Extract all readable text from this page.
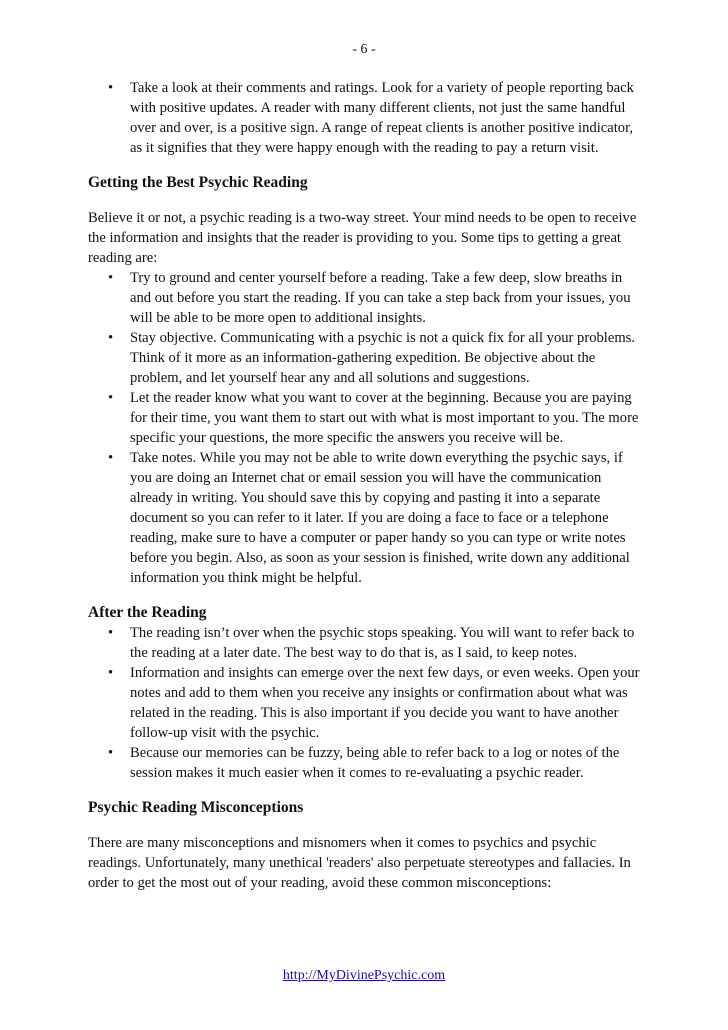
- 6 -
•	Take a look at their comments and ratings. Look for a variety of people reporting back with positive updates. A reader with many different clients, not just the same handful over and over, is a positive sign. A range of repeat clients is another positive indicator, as it signifies that they were happy enough with the reading to pay a return visit.
Getting the Best Psychic Reading

Believe it or not, a psychic reading is a two-way street. Your mind needs to be open to receive the information and insights that the reader is providing to you. Some tips to getting a great reading are:

•	Try to ground and center yourself before a reading. Take a few deep, slow breaths in and out before you start the reading. If you can take a step back from your issues, you will be able to be more open to additional insights.
•	Stay objective. Communicating with a psychic is not a quick fix for all your problems. Think of it more as an information-gathering expedition. Be objective about the problem, and let yourself hear any and all solutions and suggestions.
•	Let the reader know what you want to cover at the beginning. Because you are paying for their time, you want them to start out with what is most important to you. The more specific your questions, the more specific the answers you receive will be.
•	Take notes. While you may not be able to write down everything the psychic says, if you are doing an Internet chat or email session you will have the communication already in writing. You should save this by copying and pasting it into a separate document so you can refer to it later. If you are doing a face to face or a telephone reading, make sure to have a computer or paper handy so you can type or write notes before you begin. Also, as soon as your session is finished, write down any additional information you think might be helpful.
After the Reading
•	The reading isn’t over when the psychic stops speaking. You will want to refer back to the reading at a later date. The best way to do that is, as I said, to keep notes.
•	Information and insights can emerge over the next few days, or even weeks. Open your notes and add to them when you receive any insights or confirmation about what was related in the reading. This is also important if you decide you want to have another follow-up visit with the psychic.
•	Because our memories can be fuzzy, being able to refer back to a log or notes of the session makes it much easier when it comes to re-evaluating a psychic reader.
Psychic Reading Misconceptions

There are many misconceptions and misnomers when it comes to psychics and psychic readings. Unfortunately, many unethical 'readers' also perpetuate stereotypes and fallacies. In order to get the most out of your reading, avoid these common misconceptions:

http://MyDivinePsychic.com
